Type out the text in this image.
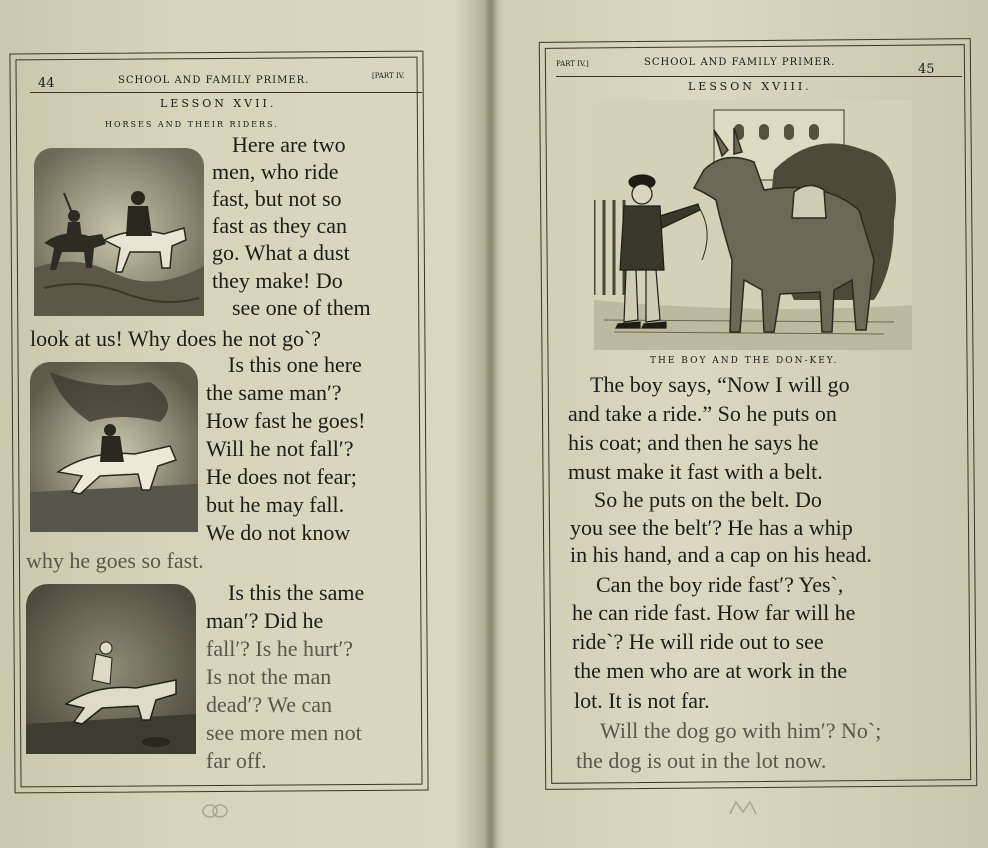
44	SCHOOL AND FAMILY PRIMER.	[PART IV.
LESSON XVII.
HORSES AND THEIR RIDERS.
Here are two
men, who ride
fast, but not so
fast as they can
go. What a dust
they make! Do
see one of them
look at us! Why does he not go`?
Is this one here
the same man′?
How fast he goes!
Will he not fall′?
He does not fear;
but he may fall.
We do not know
why he goes so fast.
Is this the same
man′? Did he
fall′? Is he hurt′?
Is not the man
dead′? We can
see more men not
far off.
PART IV.]	SCHOOL AND FAMILY PRIMER.	45
LESSON XVIII.
THE BOY AND THE DON-KEY.
The boy says, “Now I will go
and take a ride.” So he puts on
his coat; and then he says he
must make it fast with a belt.
So he puts on the belt. Do
you see the belt′? He has a whip
in his hand, and a cap on his head.
Can the boy ride fast′? Yes`,
he can ride fast. How far will he
ride`? He will ride out to see
the men who are at work in the
lot. It is not far.
Will the dog go with him′? No`;
the dog is out in the lot now.
